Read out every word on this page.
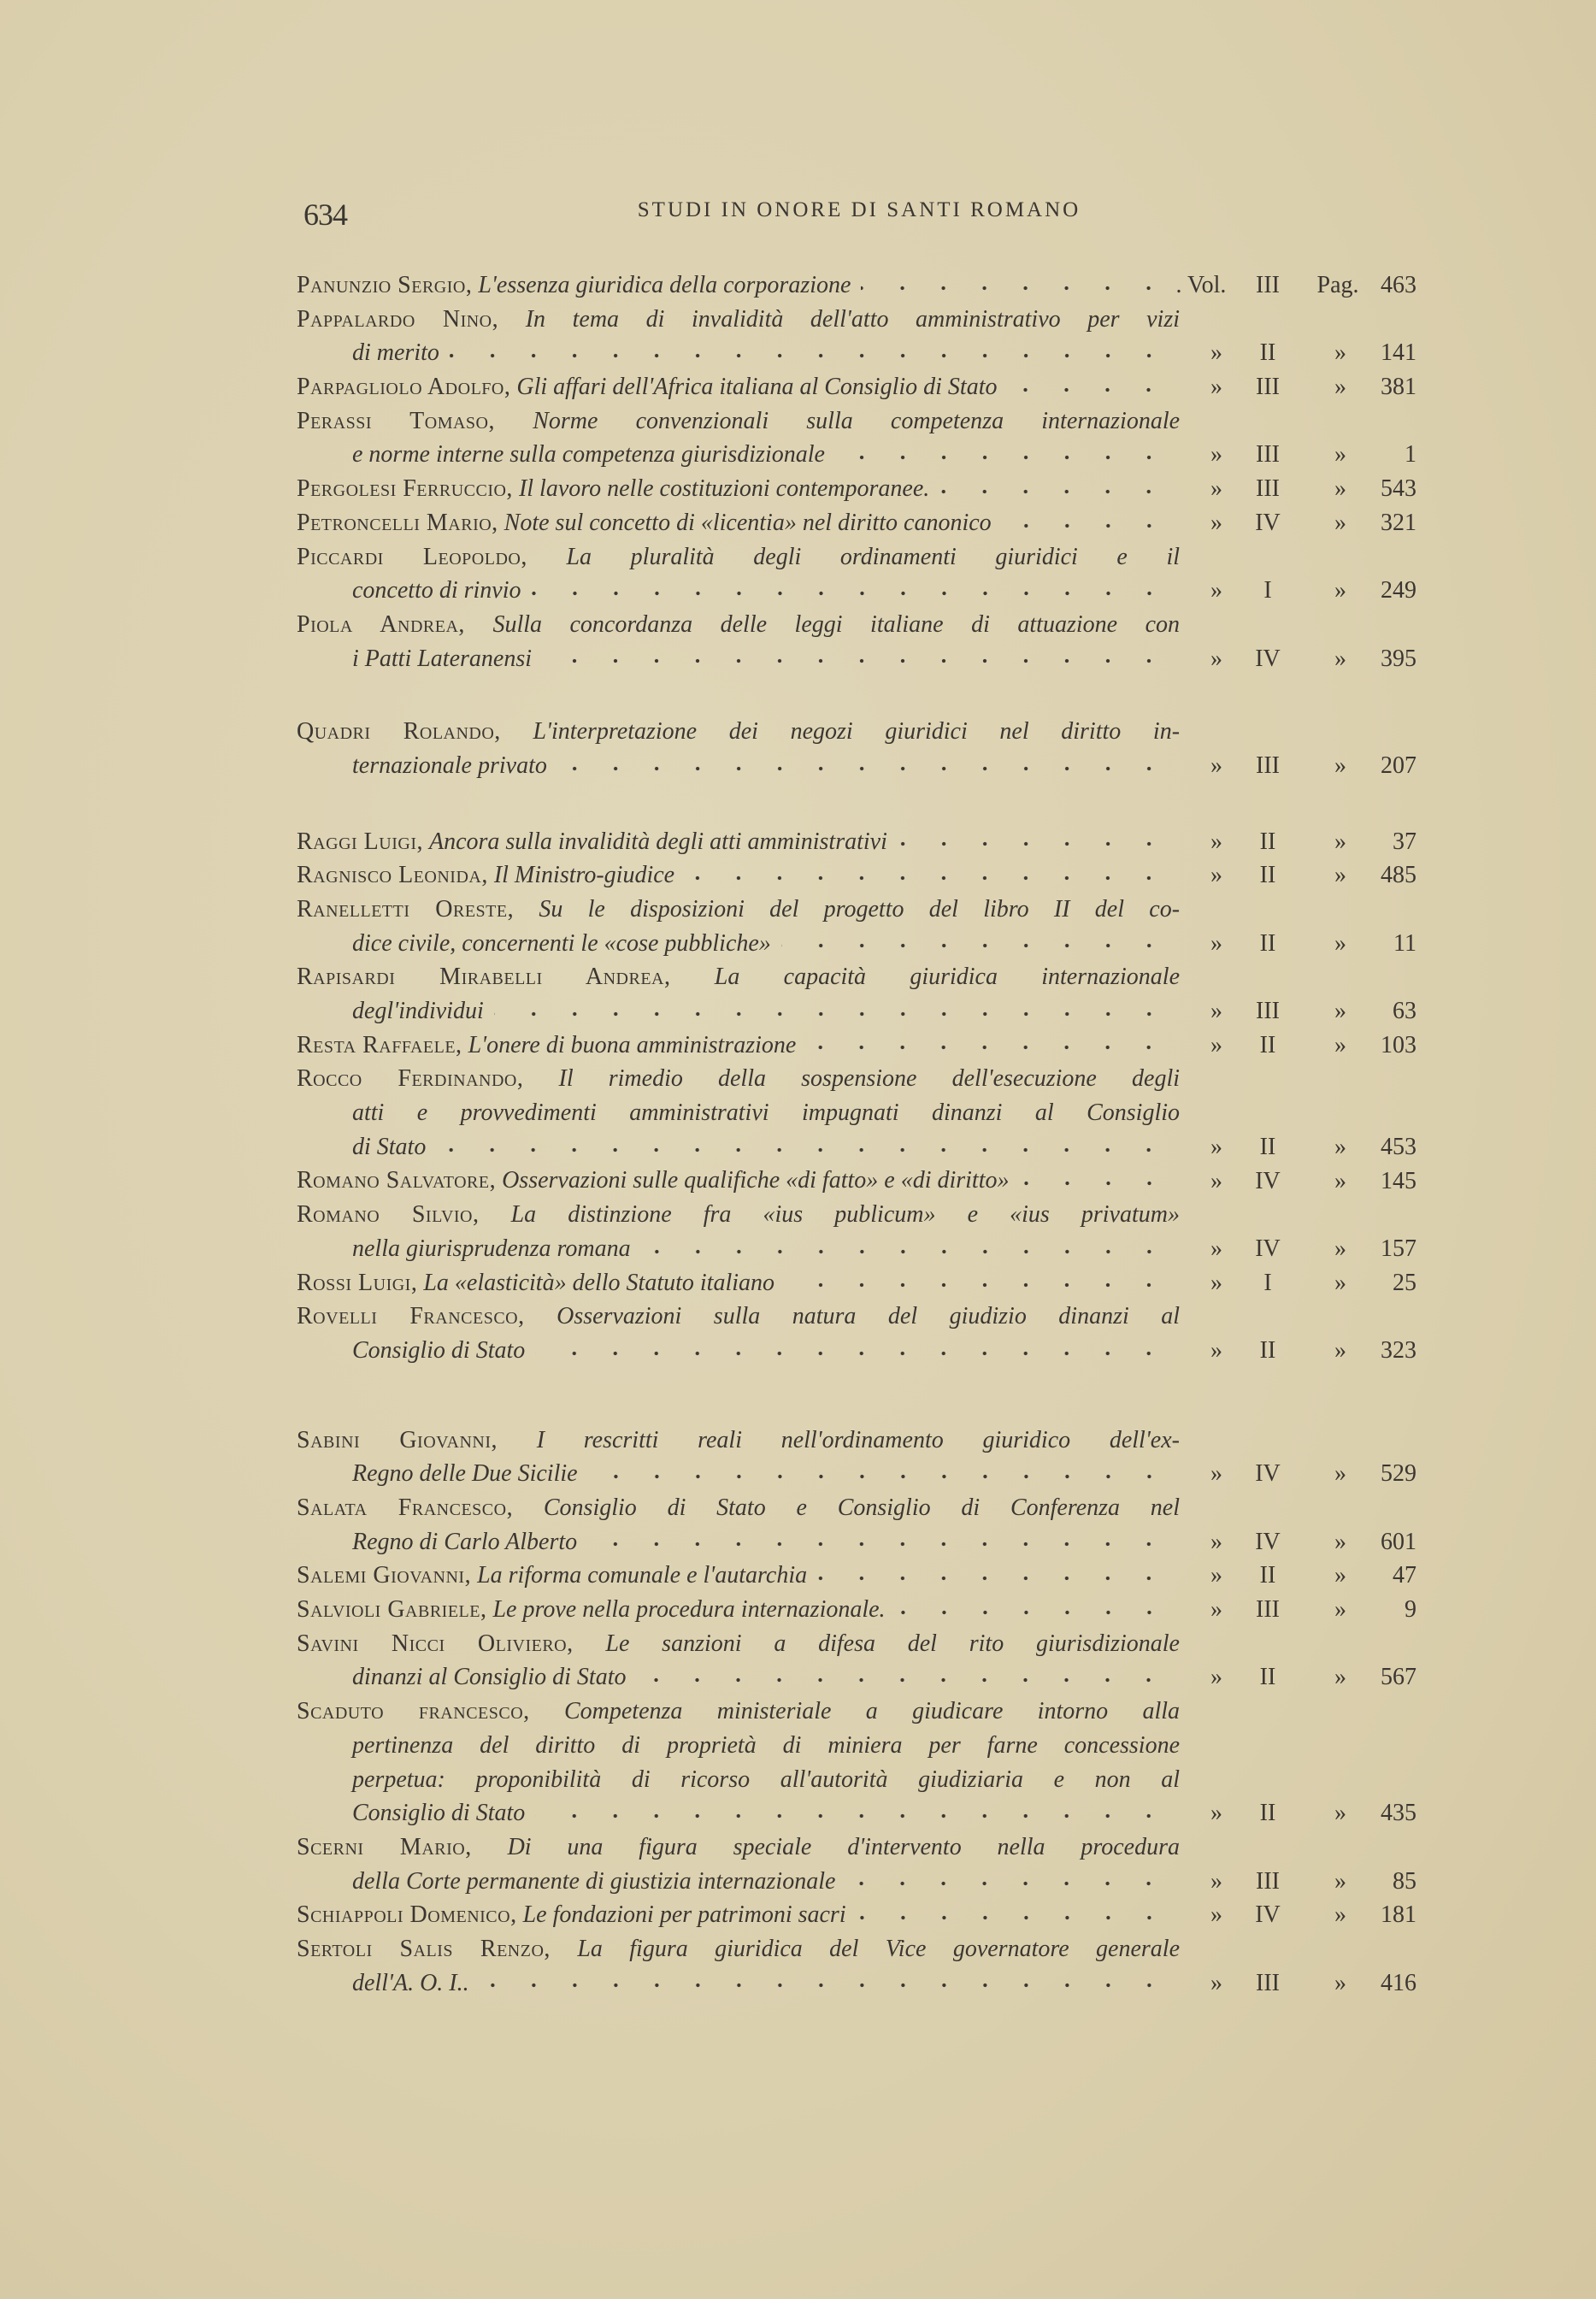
634	STUDI IN ONORE DI SANTI ROMANO
Panunzio Sergio, L'essenza giuridica della corporazione	. Vol.	III	Pag. 463
Pappalardo Nino, In tema di invalidità dell'atto amministrativo per vizi
di merito	»	II	»	141
Parpagliolo Adolfo, Gli affari dell'Africa italiana al Consiglio di Stato	»	III	»	381
Perassi Tomaso, Norme convenzionali sulla competenza internazionale
e norme interne sulla competenza giurisdizionale	»	III	»	1
Pergolesi Ferruccio, Il lavoro nelle costituzioni contemporanee.	»	III	»	543
Petroncelli Mario, Note sul concetto di «licentia» nel diritto canonico	»	IV	»	321
Piccardi Leopoldo, La pluralità degli ordinamenti giuridici e il
concetto di rinvio	»	I	»	249
Piola Andrea, Sulla concordanza delle leggi italiane di attuazione con
i Patti Lateranensi	»	IV	»	395
Quadri Rolando, L'interpretazione dei negozi giuridici nel diritto in-
ternazionale privato	»	III	»	207
Raggi Luigi, Ancora sulla invalidità degli atti amministrativi	»	II	»	37
Ragnisco Leonida, Il Ministro-giudice	»	II	»	485
Ranelletti Oreste, Su le disposizioni del progetto del libro II del co-
dice civile, concernenti le «cose pubbliche»	»	II	»	11
Rapisardi Mirabelli Andrea, La capacità giuridica internazionale
degl'individui	»	III	»	63
Resta Raffaele, L'onere di buona amministrazione	»	II	»	103
Rocco Ferdinando, Il rimedio della sospensione dell'esecuzione degli
atti e provvedimenti amministrativi impugnati dinanzi al Consiglio
di Stato	»	II	»	453
Romano Salvatore, Osservazioni sulle qualifiche «di fatto» e «di diritto»	»	IV	»	145
Romano Silvio, La distinzione fra «ius publicum» e «ius privatum»
nella giurisprudenza romana	»	IV	»	157
Rossi Luigi, La «elasticità» dello Statuto italiano	»	I	»	25
Rovelli Francesco, Osservazioni sulla natura del giudizio dinanzi al
Consiglio di Stato	»	II	»	323
Sabini Giovanni, I rescritti reali nell'ordinamento giuridico dell'ex-
Regno delle Due Sicilie	»	IV	»	529
Salata Francesco, Consiglio di Stato e Consiglio di Conferenza nel
Regno di Carlo Alberto	»	IV	»	601
Salemi Giovanni, La riforma comunale e l'autarchia	»	II	»	47
Salvioli Gabriele, Le prove nella procedura internazionale.	»	III	»	9
Savini Nicci Oliviero, Le sanzioni a difesa del rito giurisdizionale
dinanzi al Consiglio di Stato	»	II	»	567
Scaduto francesco, Competenza ministeriale a giudicare intorno alla
pertinenza del diritto di proprietà di miniera per farne concessione
perpetua: proponibilità di ricorso all'autorità giudiziaria e non al
Consiglio di Stato	»	II	»	435
Scerni Mario, Di una figura speciale d'intervento nella procedura
della Corte permanente di giustizia internazionale	»	III	»	85
Schiappoli Domenico, Le fondazioni per patrimoni sacri	»	IV	»	181
Sertoli Salis Renzo, La figura giuridica del Vice governatore generale
dell'A. O. I..	»	III	»	416
